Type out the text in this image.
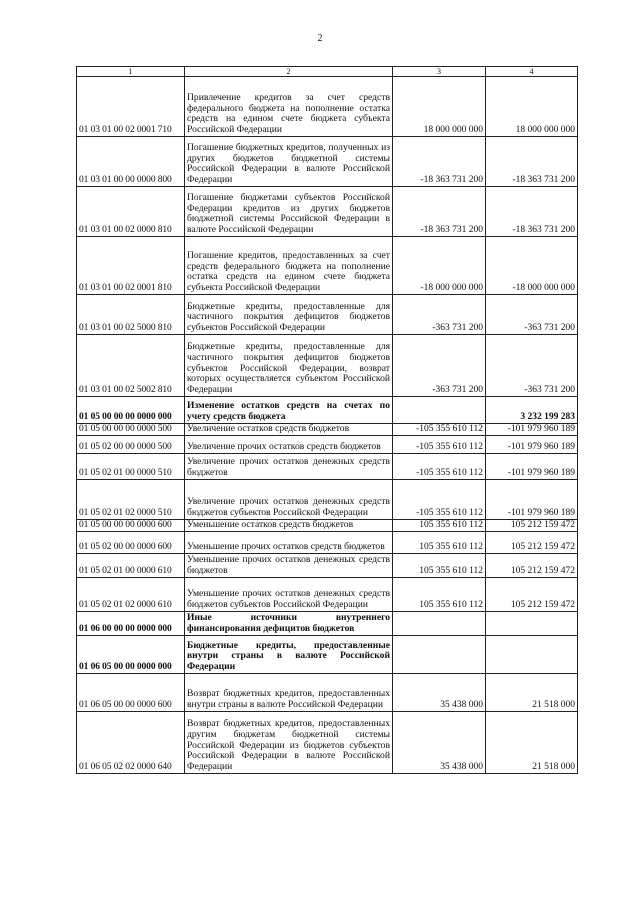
2
1	2	3	4
01 03 01 00 02 0001 710	Привлечение кредитов за счет средств федерального бюджета на пополнение остатка средств на едином счете бюджета субъекта Российской Федерации	18 000 000 000	18 000 000 000
01 03 01 00 00 0000 800	Погашение бюджетных кредитов, полученных из других бюджетов бюджетной системы Российской Федерации в валюте Российской Федерации	-18 363 731 200	-18 363 731 200
01 03 01 00 02 0000 810	Погашение бюджетами субъектов Российской Федерации кредитов из других бюджетов бюджетной системы Российской Федерации в валюте Российской Федерации	-18 363 731 200	-18 363 731 200
01 03 01 00 02 0001 810	Погашение кредитов, предоставленных за счет средств федерального бюджета на пополнение остатка средств на едином счете бюджета субъекта Российской Федерации	-18 000 000 000	-18 000 000 000
01 03 01 00 02 5000 810	Бюджетные кредиты, предоставленные для частичного покрытия дефицитов бюджетов субъектов Российской Федерации	-363 731 200	-363 731 200
01 03 01 00 02 5002 810	Бюджетные кредиты, предоставленные для частичного покрытия дефицитов бюджетов субъектов Российской Федерации, возврат которых осуществляется субъектом Российской Федерации	-363 731 200	-363 731 200
01 05 00 00 00 0000 000	Изменение остатков средств на счетах по учету средств бюджета		3 232 199 283
01 05 00 00 00 0000 500	Увеличение остатков средств бюджетов	-105 355 610 112	-101 979 960 189
01 05 02 00 00 0000 500	Увеличение прочих остатков средств бюджетов	-105 355 610 112	-101 979 960 189
01 05 02 01 00 0000 510	Увеличение прочих остатков денежных средств бюджетов	-105 355 610 112	-101 979 960 189
01 05 02 01 02 0000 510	Увеличение прочих остатков денежных средств бюджетов субъектов Российской Федерации	-105 355 610 112	-101 979 960 189
01 05 00 00 00 0000 600	Уменьшение остатков средств бюджетов	105 355 610 112	105 212 159 472
01 05 02 00 00 0000 600	Уменьшение прочих остатков средств бюджетов	105 355 610 112	105 212 159 472
01 05 02 01 00 0000 610	Уменьшение прочих остатков денежных средств бюджетов	105 355 610 112	105 212 159 472
01 05 02 01 02 0000 610	Уменьшение прочих остатков денежных средств бюджетов субъектов Российской Федерации	105 355 610 112	105 212 159 472
01 06 00 00 00 0000 000	Иные источники внутреннего финансирования дефицитов бюджетов		
01 06 05 00 00 0000 000	Бюджетные кредиты, предоставленные внутри страны в валюте Российской Федерации		
01 06 05 00 00 0000 600	Возврат бюджетных кредитов, предоставленных внутри страны в валюте Российской Федерации	35 438 000	21 518 000
01 06 05 02 02 0000 640	Возврат бюджетных кредитов, предоставленных другим бюджетам бюджетной системы Российской Федерации из бюджетов субъектов Российской Федерации в валюте Российской Федерации	35 438 000	21 518 000
